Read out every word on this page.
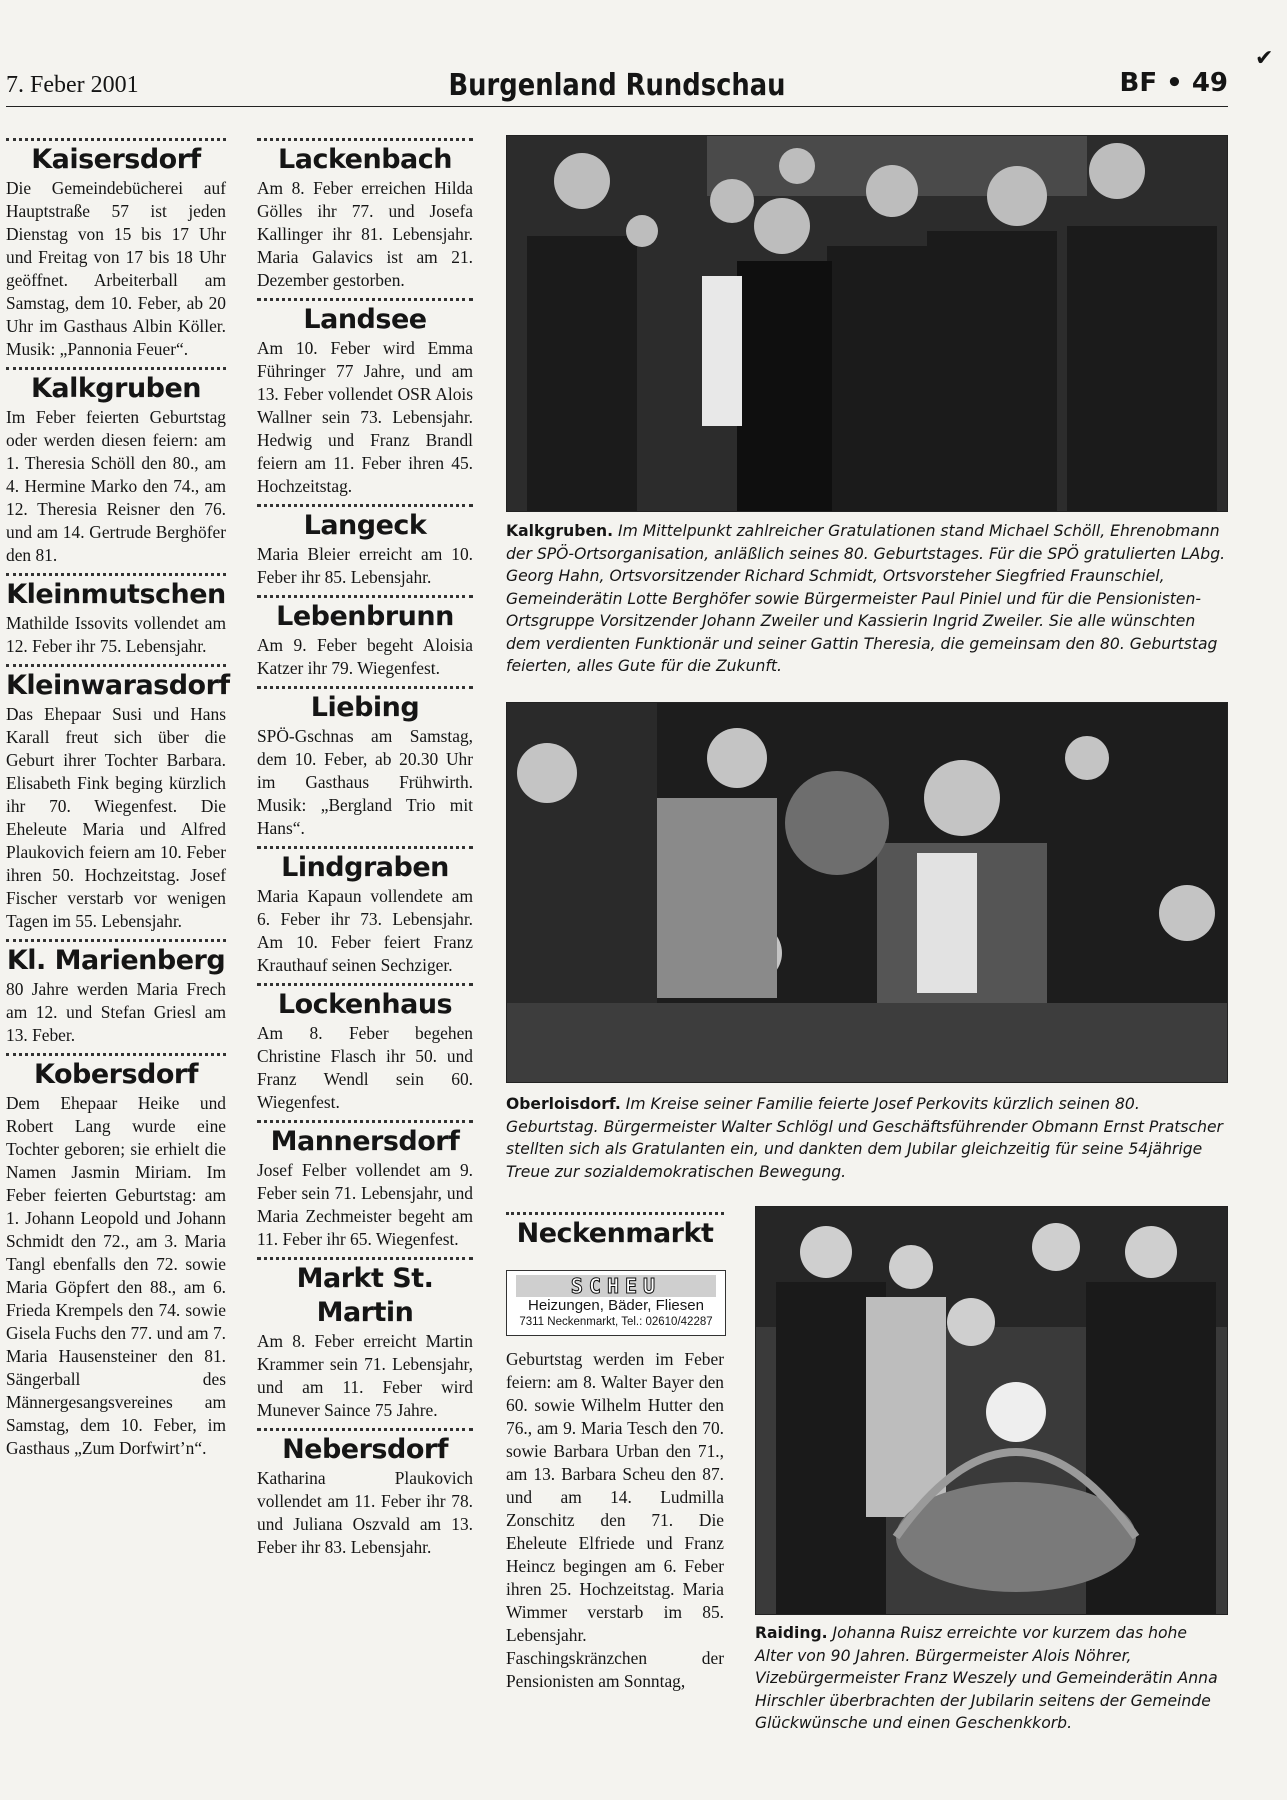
7. Feber 2001	Burgenland Rundschau	BF • 49
Kaisersdorf

Die Gemeindebücherei auf Hauptstraße 57 ist jeden Dienstag von 15 bis 17 Uhr und Freitag von 17 bis 18 Uhr geöffnet. Arbeiterball am Samstag, dem 10. Feber, ab 20 Uhr im Gasthaus Albin Köller. Musik: „Pannonia Feuer“.

Kalkgruben

Im Feber feierten Geburtstag oder werden diesen feiern: am 1. Theresia Schöll den 80., am 4. Hermine Marko den 74., am 12. Theresia Reisner den 76. und am 14. Gertrude Berghöfer den 81.

Kleinmutschen

Mathilde Issovits vollendet am 12. Feber ihr 75. Lebensjahr.

Kleinwarasdorf

Das Ehepaar Susi und Hans Karall freut sich über die Geburt ihrer Tochter Barbara. Elisabeth Fink beging kürzlich ihr 70. Wiegenfest. Die Eheleute Maria und Alfred Plaukovich feiern am 10. Feber ihren 50. Hochzeitstag. Josef Fischer verstarb vor wenigen Tagen im 55. Lebensjahr.

Kl. Marienberg

80 Jahre werden Maria Frech am 12. und Stefan Griesl am 13. Feber.

Kobersdorf

Dem Ehepaar Heike und Robert Lang wurde eine Tochter geboren; sie erhielt die Namen Jasmin Miriam. Im Feber feierten Geburtstag: am 1. Johann Leopold und Johann Schmidt den 72., am 3. Maria Tangl ebenfalls den 72. sowie Maria Göpfert den 88., am 6. Frieda Krempels den 74. sowie Gisela Fuchs den 77. und am 7. Maria Hausensteiner den 81. Sängerball des Männergesangsvereines am Samstag, dem 10. Feber, im Gasthaus „Zum Dorfwirt’n“.

Lackenbach

Am 8. Feber erreichen Hilda Gölles ihr 77. und Josefa Kallinger ihr 81. Lebensjahr. Maria Galavics ist am 21. Dezember gestorben.

Landsee

Am 10. Feber wird Emma Führinger 77 Jahre, und am 13. Feber vollendet OSR Alois Wallner sein 73. Lebensjahr. Hedwig und Franz Brandl feiern am 11. Feber ihren 45. Hochzeitstag.

Langeck

Maria Bleier erreicht am 10. Feber ihr 85. Lebensjahr.

Lebenbrunn

Am 9. Feber begeht Aloisia Katzer ihr 79. Wiegenfest.

Liebing

SPÖ-Gschnas am Samstag, dem 10. Feber, ab 20.30 Uhr im Gasthaus Frühwirth. Musik: „Bergland Trio mit Hans“.

Lindgraben

Maria Kapaun vollendete am 6. Feber ihr 73. Lebensjahr. Am 10. Feber feiert Franz Krauthauf seinen Sechziger.

Lockenhaus

Am 8. Feber begehen Christine Flasch ihr 50. und Franz Wendl sein 60. Wiegenfest.

Mannersdorf

Josef Felber vollendet am 9. Feber sein 71. Lebensjahr, und Maria Zechmeister begeht am 11. Feber ihr 65. Wiegenfest.

Markt St. Martin

Am 8. Feber erreicht Martin Krammer sein 71. Lebensjahr, und am 11. Feber wird Munever Saince 75 Jahre.

Nebersdorf

Katharina Plaukovich vollendet am 11. Feber ihr 78. und Juliana Oszvald am 13. Feber ihr 83. Lebensjahr.

Kalkgruben. Im Mittelpunkt zahlreicher Gratulationen stand Michael Schöll, Ehrenobmann der SPÖ-Ortsorganisation, anläßlich seines 80. Geburtstages. Für die SPÖ gratulierten LAbg. Georg Hahn, Ortsvorsitzender Richard Schmidt, Ortsvorsteher Siegfried Fraunschiel, Gemeinderätin Lotte Berghöfer sowie Bürgermeister Paul Piniel und für die Pensionisten-Ortsgruppe Vorsitzender Johann Zweiler und Kassierin Ingrid Zweiler. Sie alle wünschten dem verdienten Funktionär und seiner Gattin Theresia, die gemeinsam den 80. Geburtstag feierten, alles Gute für die Zukunft.
Oberloisdorf. Im Kreise seiner Familie feierte Josef Perkovits kürzlich seinen 80. Geburtstag. Bürgermeister Walter Schlögl und Geschäftsführender Obmann Ernst Pratscher stellten sich als Gratulanten ein, und dankten dem Jubilar gleichzeitig für seine 54jährige Treue zur sozialdemokratischen Bewegung.
Neckenmarkt
SCHEU
Heizungen, Bäder, Fliesen
7311 Neckenmarkt, Tel.: 02610/42287

Geburtstag werden im Feber feiern: am 8. Walter Bayer den 60. sowie Wilhelm Hutter den 76., am 9. Maria Tesch den 70. sowie Barbara Urban den 71., am 13. Barbara Scheu den 87. und am 14. Ludmilla Zonschitz den 71. Die Eheleute Elfriede und Franz Heincz begingen am 6. Feber ihren 25. Hochzeitstag. Maria Wimmer verstarb im 85. Lebensjahr. Faschingskränzchen der Pensionisten am Sonntag,

Raiding. Johanna Ruisz erreichte vor kurzem das hohe Alter von 90 Jahren. Bürgermeister Alois Nöhrer, Vizebürgermeister Franz Weszely und Gemeinderätin Anna Hirschler überbrachten der Jubilarin seitens der Gemeinde Glückwünsche und einen Geschenkkorb.
✔
